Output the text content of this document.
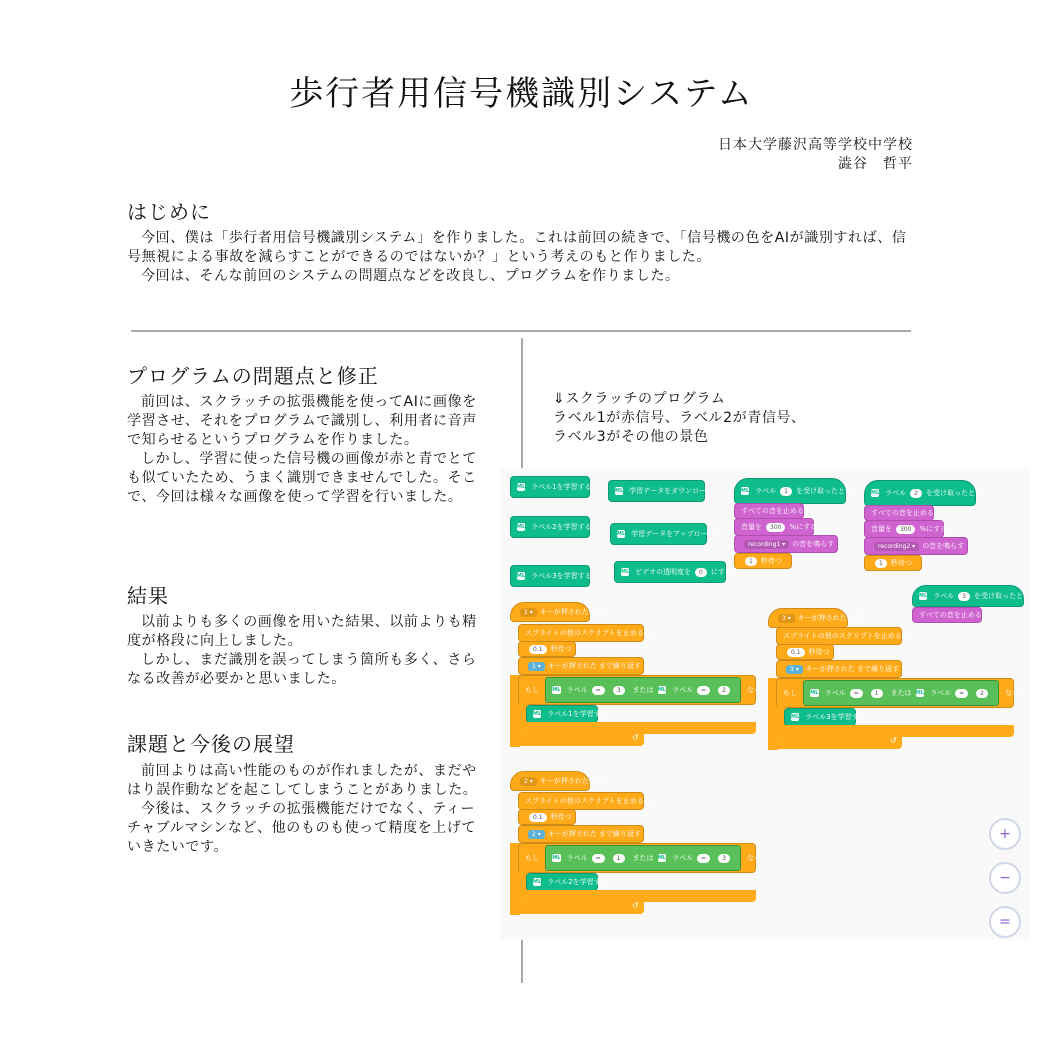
歩行者用信号機識別システム
日本大学藤沢高等学校中学校
澁谷　哲平
はじめに

今回、僕は「歩行者用信号機識別システム」を作りました。これは前回の続きで、「信号機の色をAIが識別すれば、信号無視による事故を減らすことができるのではないか？」という考えのもと作りました。

今回は、そんな前回のシステムの問題点などを改良し、プログラムを作りました。

プログラムの問題点と修正

前回は、スクラッチの拡張機能を使ってAIに画像を学習させ、それをプログラムで識別し、利用者に音声で知らせるというプログラムを作りました。

しかし、学習に使った信号機の画像が赤と青でとても似ていたため、うまく識別できませんでした。そこで、今回は様々な画像を使って学習を行いました。

結果

以前よりも多くの画像を用いた結果、以前よりも精度が格段に向上しました。

しかし、まだ識別を誤ってしまう箇所も多く、さらなる改善が必要かと思いました。

課題と今後の展望

前回よりは高い性能のものが作れましたが、まだやはり誤作動などを起こしてしまうことがありました。

今後は、スクラッチの拡張機能だけでなく、ティーチャブルマシンなど、他のものも使って精度を上げていきたいです。

⇓スクラッチのプログラム
ラベル1が赤信号、ラベル2が青信号、
ラベル3がその他の景色
ML ラベル1を学習する
ML ラベル2を学習する
ML ラベル3を学習する
ML 学習データをダウンロード
ML 学習データをアップロード
ML ビデオの透明度を	0	にする
ML ラベル	1	を受け取ったとき
すべての音を止める
音量を	300	%にする
recording1 ▾	の音を鳴らす
1	秒待つ
ML ラベル	2	を受け取ったとき
すべての音を止める
音量を	300	%にする
recording2 ▾	の音を鳴らす
1	秒待つ
ML ラベル	3	を受け取ったとき
すべての音を止める
1 ▾	キーが押されたとき
スプライトの他のスクリプトを止める ▾
0.1	秒待つ
1 ▾	キーが押された
まで繰り返す
もし	ML ラベル	=	3	または ML ラベル	=	2	なら
ML ラベル1を学習する
↺
3 ▾	キーが押されたとき
スプライトの他のスクリプトを止める ▾
0.1	秒待つ
3 ▾	キーが押された
まで繰り返す
もし	ML ラベル	=	1	または ML ラベル	=	2	なら
ML ラベル3を学習する
↺
2 ▾	キーが押されたとき
スプライトの他のスクリプトを止める ▾
0.1	秒待つ
2 ▾	キーが押された
まで繰り返す
もし	ML ラベル	=	1	または ML ラベル	=	3	なら
ML ラベル2を学習する
↺
+
−
=
